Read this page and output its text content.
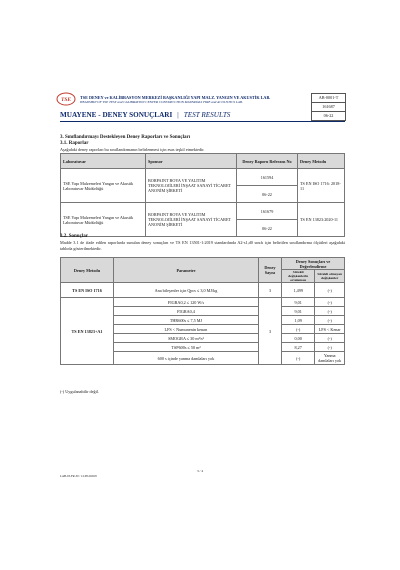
TSE TSE DENEY ve KALİBRASYON MERKEZİ BAŞKANLIĞI YAPI MALZ. YANGIN VE AKUSTİK LAB.
HEADSHIP OF TSE TEST and CALIBRATION CENTER CONSTRUCTION MATERIALS FIRE and ACOUSTICS LAB.
AB-0001-T
161687
06-22
MUAYENE - DENEY SONUÇLARI | TEST RESULTS
3. Sınıflandırmayı Destekleyen Deney Raporları ve Sonuçları
3.1. Raporlar
Aşağıdaki deney raporları bu sınıflandırmanın belirlenmesi için esas teşkil etmektedir.
Laboratuvar	Sponsor	Deney Raporu Referans No	Deney Metodu
TSE Yapı Malzemeleri Yangın ve Akustik Laboratuvar Müdürlüğü	BORPAINT BOYA VE YALITIM TEKNOLOJİLERİ İNŞAAT SANAYİ TİCARET ANONİM ŞİRKETİ	161594	TS EN ISO 1716: 2018-11
		06-22	
TSE Yapı Malzemeleri Yangın ve Akustik Laboratuvar Müdürlüğü	BORPAINT BOYA VE YALITIM TEKNOLOJİLERİ İNŞAAT SANAYİ TİCARET ANONİM ŞİRKETİ	161679	TS EN 13823:2020-11
		06-22	
3.2. Sonuçlar
Madde 3.1 de ifade edilen raporlarda sunulan deney sonuçları ve TS EN 13501-1:2019 standardında A2-s1,d0 sınıfı için belirtilen sınıflandırma ölçütleri aşağıdaki tabloda gösterilmektedir.
Deney Metodu	Parametre	Deney Sayısı	Deney Sonuçları ve Değerlendirme	
			Sürekli değişkenlerin ortalaması	Sürekli olmayan değişkenler
TS EN ISO 1716	Ana bileşenler için Qpcs ≤ 3,0 MJ/kg	3	1,499	(-)
TS EN 13823+A1	FIGRA0,2 ≤ 120 W/s	3	9,01	(-)
	FIGRA0,4		9,01	(-)
	THR600s ≤ 7,5 MJ		1,09	(-)
	LFS < Numunenin kenarı		(-)	LFS < Kenar
	SMOGRA ≤ 30 m²/s²		0,00	(-)
	TSP600s ≤ 50 m²		8,27	(-)
	600 s içinde yanma damlaları yok		(-)	Yanma damlaları yok
(-) Uygulanabilir değil.
3 / 4
LAB-03-FR-30 / 12.08.2020/0
